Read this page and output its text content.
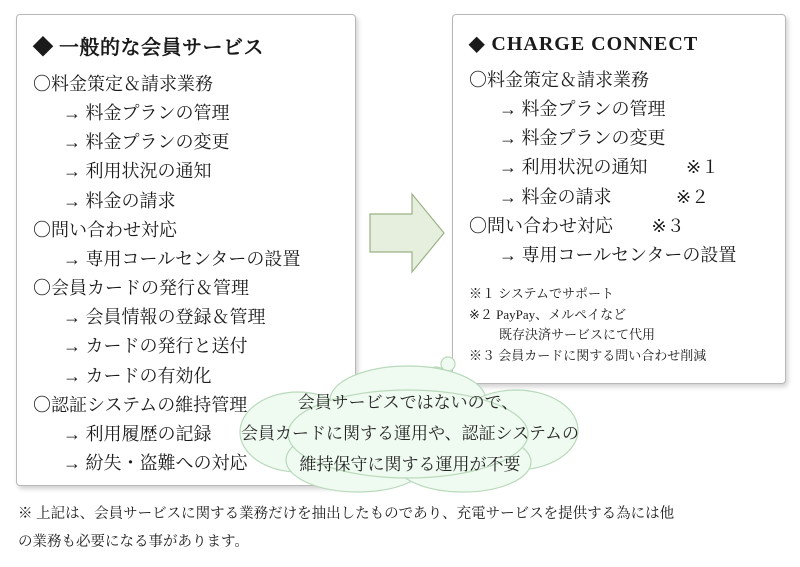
◆ 一般的な会員サービス
〇料金策定＆請求業務
→ 料金プランの管理
→ 料金プランの変更
→ 利用状況の通知
→ 料金の請求
〇問い合わせ対応
→ 専用コールセンターの設置
〇会員カードの発行＆管理
→ 会員情報の登録＆管理
→ カードの発行と送付
→ カードの有効化
〇認証システムの維持管理
→ 利用履歴の記録
→ 紛失・盗難への対応
◆ CHARGE CONNECT
〇料金策定＆請求業務
→ 料金プランの管理
→ 料金プランの変更
→ 利用状況の通知 ※１
→ 料金の請求	※２
〇問い合わせ対応 ※３
→ 専用コールセンターの設置
※１ システムでサポート
※２ PayPay、メルペイなど
既存決済サービスにて代用
※３ 会員カードに関する問い合わせ削減
会員サービスではないので、
会員カードに関する運用や、認証システムの
維持保守に関する運用が不要
※ 上記は、会員サービスに関する業務だけを抽出したものであり、充電サービスを提供する為には他
の業務も必要になる事があります。
